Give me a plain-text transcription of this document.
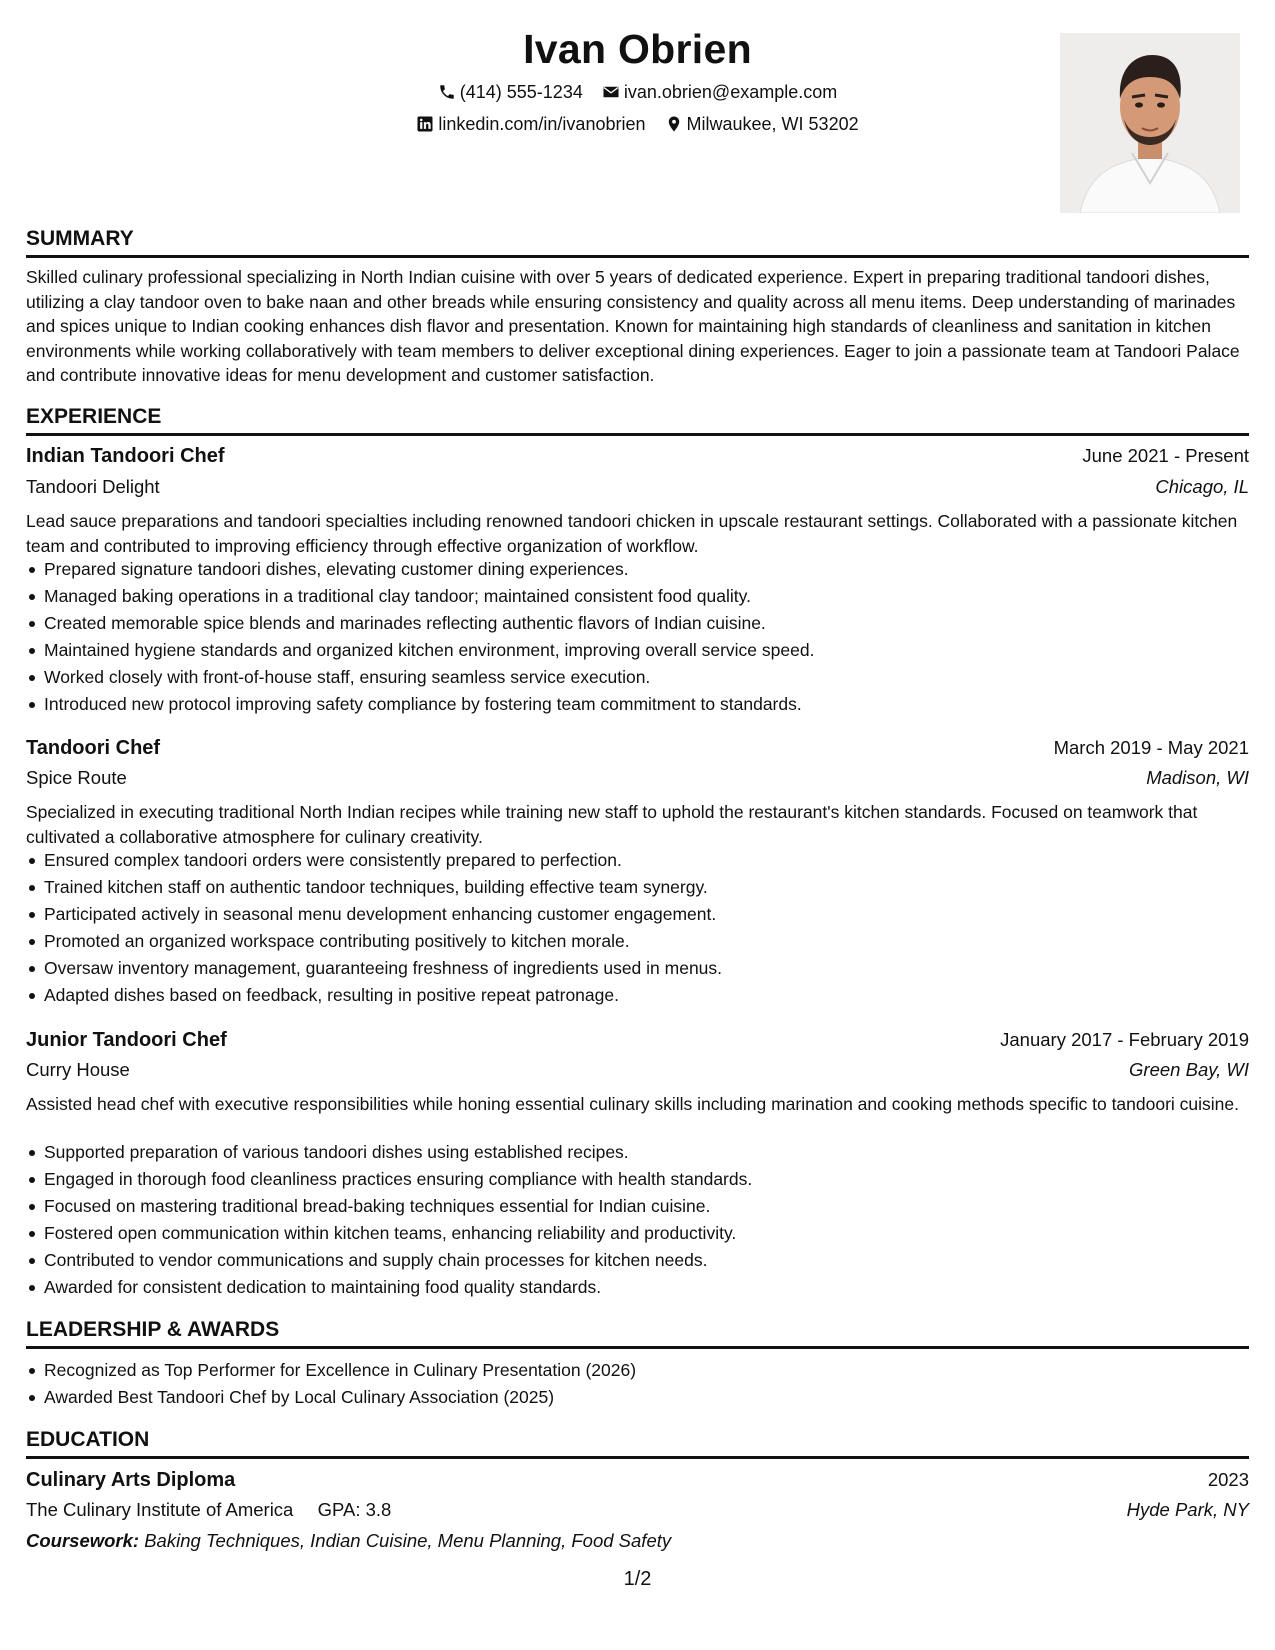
Ivan Obrien
(414) 555-1234
ivan.obrien@example.com
linkedin.com/in/ivanobrien
Milwaukee, WI 53202
SUMMARY
Skilled culinary professional specializing in North Indian cuisine with over 5 years of dedicated experience. Expert in preparing traditional tandoori dishes, utilizing a clay tandoor oven to bake naan and other breads while ensuring consistency and quality across all menu items. Deep understanding of marinades and spices unique to Indian cooking enhances dish flavor and presentation. Known for maintaining high standards of cleanliness and sanitation in kitchen environments while working collaboratively with team members to deliver exceptional dining experiences. Eager to join a passionate team at Tandoori Palace and contribute innovative ideas for menu development and customer satisfaction.
EXPERIENCE
Indian Tandoori Chef	June 2021 - Present
Tandoori Delight	Chicago, IL
Lead sauce preparations and tandoori specialties including renowned tandoori chicken in upscale restaurant settings. Collaborated with a passionate kitchen team and contributed to improving efficiency through effective organization of workflow.
Prepared signature tandoori dishes, elevating customer dining experiences.
Managed baking operations in a traditional clay tandoor; maintained consistent food quality.
Created memorable spice blends and marinades reflecting authentic flavors of Indian cuisine.
Maintained hygiene standards and organized kitchen environment, improving overall service speed.
Worked closely with front-of-house staff, ensuring seamless service execution.
Introduced new protocol improving safety compliance by fostering team commitment to standards.
Tandoori Chef	March 2019 - May 2021
Spice Route	Madison, WI
Specialized in executing traditional North Indian recipes while training new staff to uphold the restaurant's kitchen standards. Focused on teamwork that cultivated a collaborative atmosphere for culinary creativity.
Ensured complex tandoori orders were consistently prepared to perfection.
Trained kitchen staff on authentic tandoor techniques, building effective team synergy.
Participated actively in seasonal menu development enhancing customer engagement.
Promoted an organized workspace contributing positively to kitchen morale.
Oversaw inventory management, guaranteeing freshness of ingredients used in menus.
Adapted dishes based on feedback, resulting in positive repeat patronage.
Junior Tandoori Chef	January 2017 - February 2019
Curry House	Green Bay, WI
Assisted head chef with executive responsibilities while honing essential culinary skills including marination and cooking methods specific to tandoori cuisine.
Supported preparation of various tandoori dishes using established recipes.
Engaged in thorough food cleanliness practices ensuring compliance with health standards.
Focused on mastering traditional bread-baking techniques essential for Indian cuisine.
Fostered open communication within kitchen teams, enhancing reliability and productivity.
Contributed to vendor communications and supply chain processes for kitchen needs.
Awarded for consistent dedication to maintaining food quality standards.
LEADERSHIP & AWARDS
Recognized as Top Performer for Excellence in Culinary Presentation (2026)
Awarded Best Tandoori Chef by Local Culinary Association (2025)
EDUCATION
Culinary Arts Diploma	2023
The Culinary Institute of America GPA: 3.8	Hyde Park, NY
Coursework: Baking Techniques, Indian Cuisine, Menu Planning, Food Safety
1/2
